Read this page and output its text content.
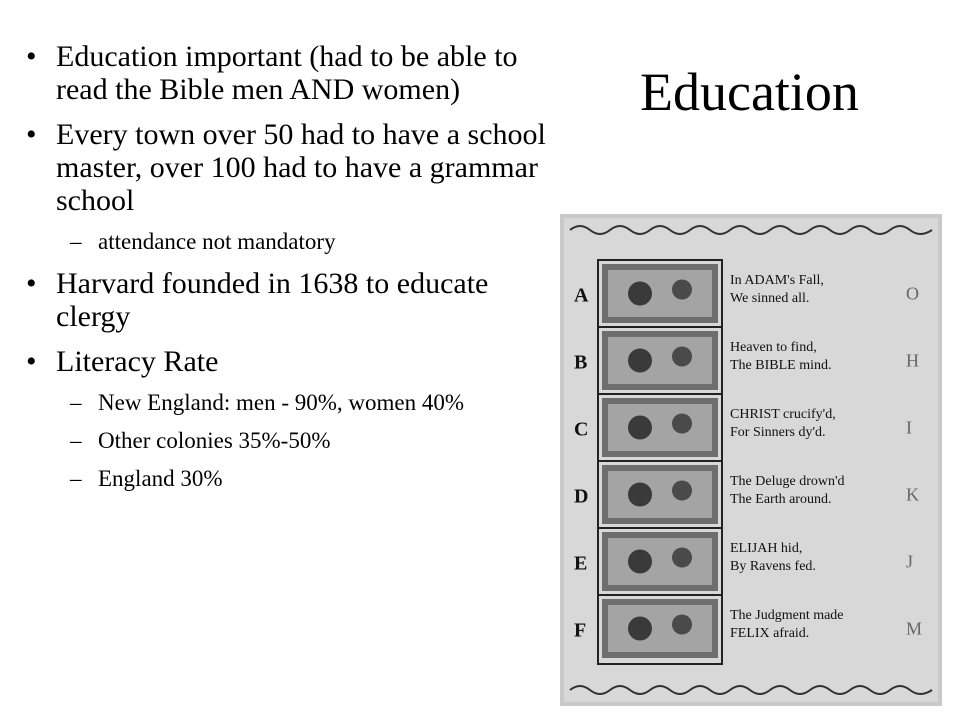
Education
• Education important (had to be able to read the Bible men AND women)
• Every town over 50 had to have a school master, over 100 had to have a grammar school
– attendance not mandatory
• Harvard founded in 1638 to educate clergy
• Literacy Rate
– New England: men - 90%, women 40%
– Other colonies 35%-50%
– England 30%
A
In ADAM's Fall,
We sinned all.	O
B
Heaven to find,
The BIBLE mind.	H
C
CHRIST crucify'd,
For Sinners dy'd.	I
D
The Deluge drown'd
The Earth around.	K
E
ELIJAH hid,
By Ravens fed.	J
F
The Judgment made
FELIX afraid.	M
